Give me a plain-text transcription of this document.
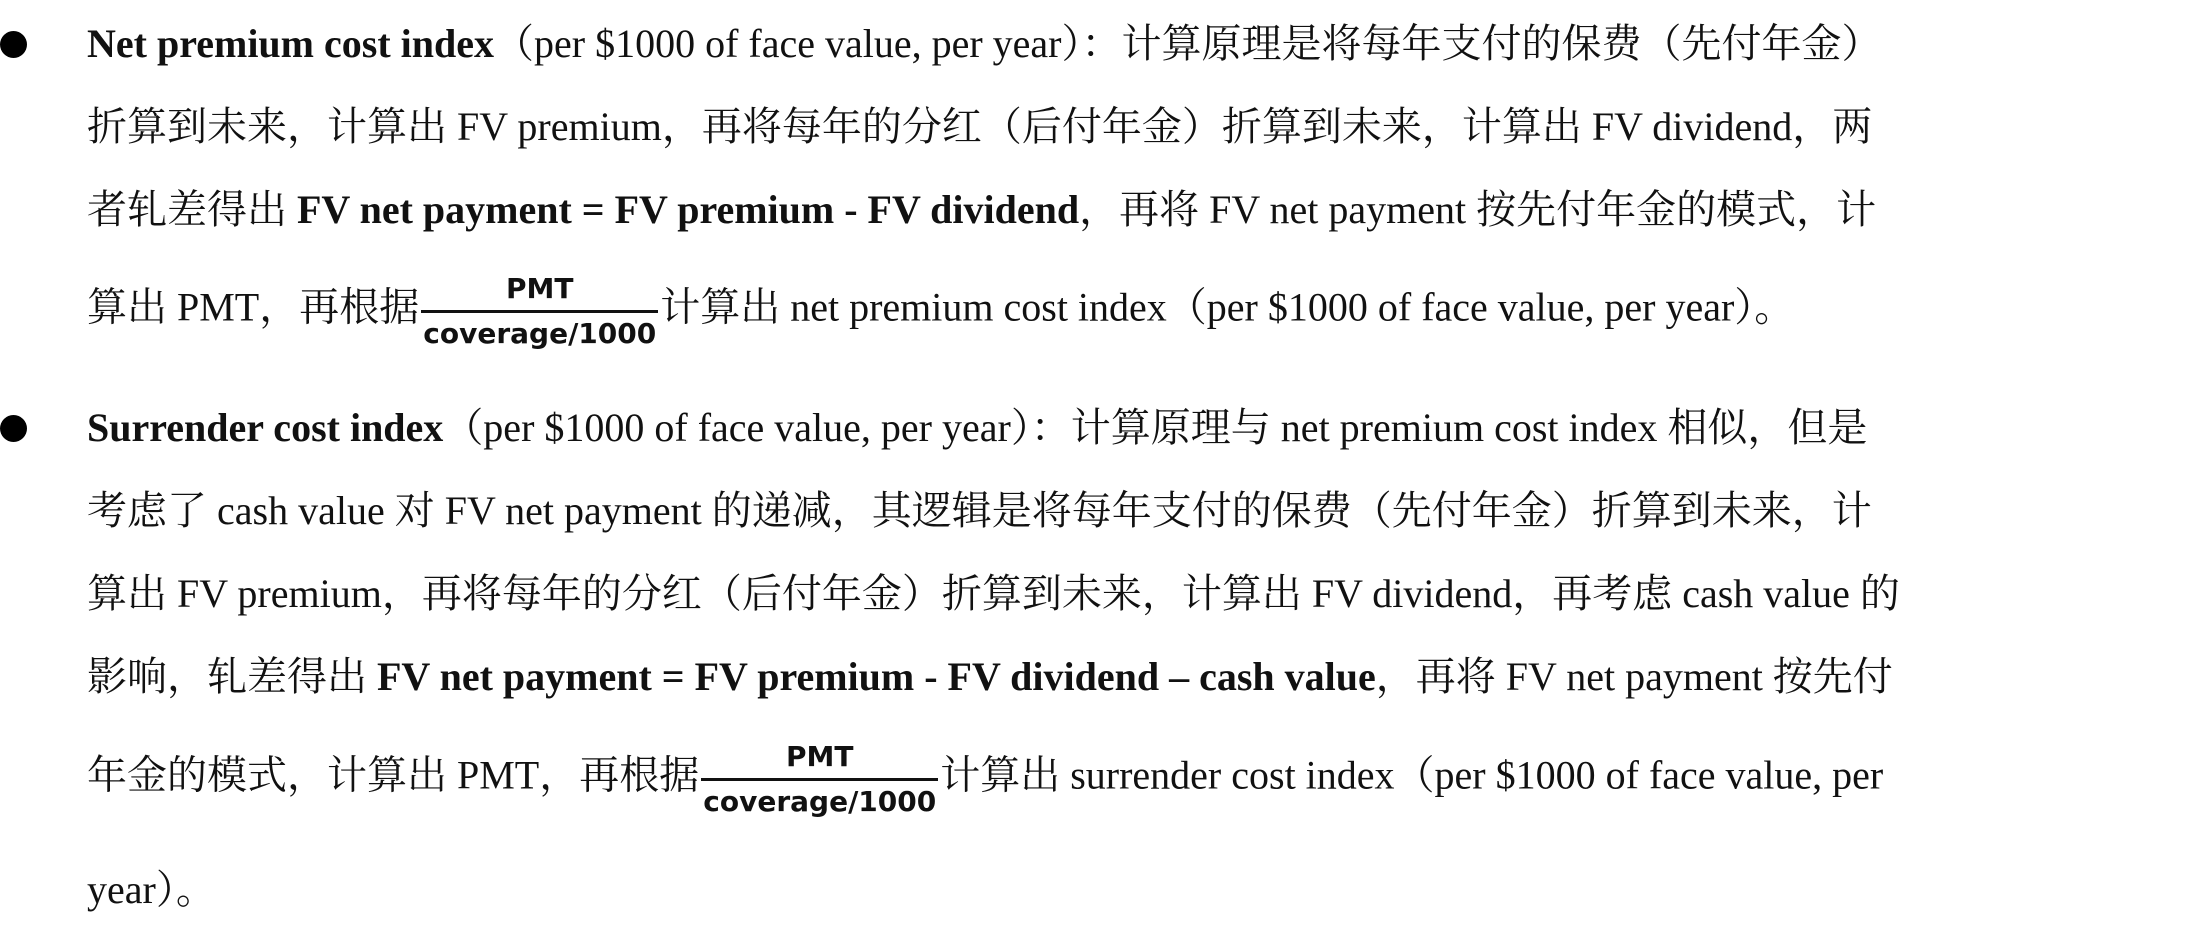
Net premium cost index（per $1000 of face value, per year）：计算原理是将每年支付的保费（先付年金）
折算到未来，计算出 FV premium，再将每年的分红（后付年金）折算到未来，计算出 FV dividend，两
者轧差得出 FV net payment = FV premium - FV dividend，再将 FV net payment 按先付年金的模式，计
算出 PMT，再根据 $\frac{\text{PMT}}{\text{coverage/1000}}$ 计算出 net premium cost index（per $1000 of face value, per year）。
Surrender cost index（per $1000 of face value, per year）：计算原理与 net premium cost index 相似，但是
考虑了 cash value 对 FV net payment 的递减，其逻辑是将每年支付的保费（先付年金）折算到未来，计
算出 FV premium，再将每年的分红（后付年金）折算到未来，计算出 FV dividend，再考虑 cash value 的
影响，轧差得出 FV net payment = FV premium - FV dividend – cash value，再将 FV net payment 按先付
年金的模式，计算出 PMT，再根据 $\frac{\text{PMT}}{\text{coverage/1000}}$ 计算出 surrender cost index（per $1000 of face value, per
year）。
